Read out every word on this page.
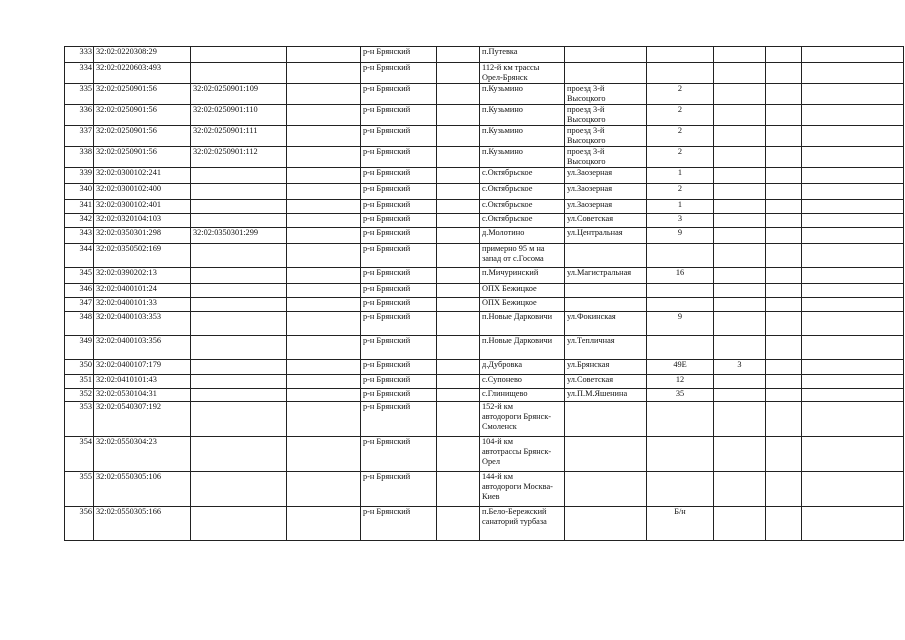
333	32:02:0220308:29			р-н Брянский		п.Путевка					
334	32:02:0220603:493			р-н Брянский		112-й км трассы
Орел-Брянск					
335	32:02:0250901:56	32:02:0250901:109		р-н Брянский		п.Кузьмино	проезд 3-й
Высоцкого	2			
336	32:02:0250901:56	32:02:0250901:110		р-н Брянский		п.Кузьмино	проезд 3-й
Высоцкого	2			
337	32:02:0250901:56	32:02:0250901:111		р-н Брянский		п.Кузьмино	проезд 3-й
Высоцкого	2			
338	32:02:0250901:56	32:02:0250901:112		р-н Брянский		п.Кузьмино	проезд 3-й
Высоцкого	2			
339	32:02:0300102:241			р-н Брянский		с.Октябрьское	ул.Заозерная	1			
340	32:02:0300102:400			р-н Брянский		с.Октябрьское	ул.Заозерная	2			
341	32:02:0300102:401			р-н Брянский		с.Октябрьское	ул.Заозерная	1			
342	32:02:0320104:103			р-н Брянский		с.Октябрьское	ул.Советская	3			
343	32:02:0350301:298	32:02:0350301:299		р-н Брянский		д.Молотино	ул.Центральная	9			
344	32:02:0350502:169			р-н Брянский		примерно 95 м на
запад от с.Госома					
345	32:02:0390202:13			р-н Брянский		п.Мичуринский	ул.Магистральная	16			
346	32:02:0400101:24			р-н Брянский		ОПХ Бежицкое					
347	32:02:0400101:33			р-н Брянский		ОПХ Бежицкое					
348	32:02:0400103:353			р-н Брянский		п.Новые Дарковичи	ул.Фокинская	9			
349	32:02:0400103:356			р-н Брянский		п.Новые Дарковичи	ул.Тепличная				
350	32:02:0400107:179			р-н Брянский		д.Дубровка	ул.Брянская	49Е	3		
351	32:02:0410101:43			р-н Брянский		с.Супонево	ул.Советская	12			
352	32:02:0530104:31			р-н Брянский		с.Глинищево	ул.П.М.Яшенина	35			
353	32:02:0540307:192			р-н Брянский		152-й км
автодороги Брянск-
Смоленск					
354	32:02:0550304:23			р-н Брянский		104-й км
автотрассы Брянск-
Орел					
355	32:02:0550305:106			р-н Брянский		144-й км
автодороги Москва-
Киев					
356	32:02:0550305:166			р-н Брянский		п.Бело-Бережский
санаторий турбаза		Б/н			
